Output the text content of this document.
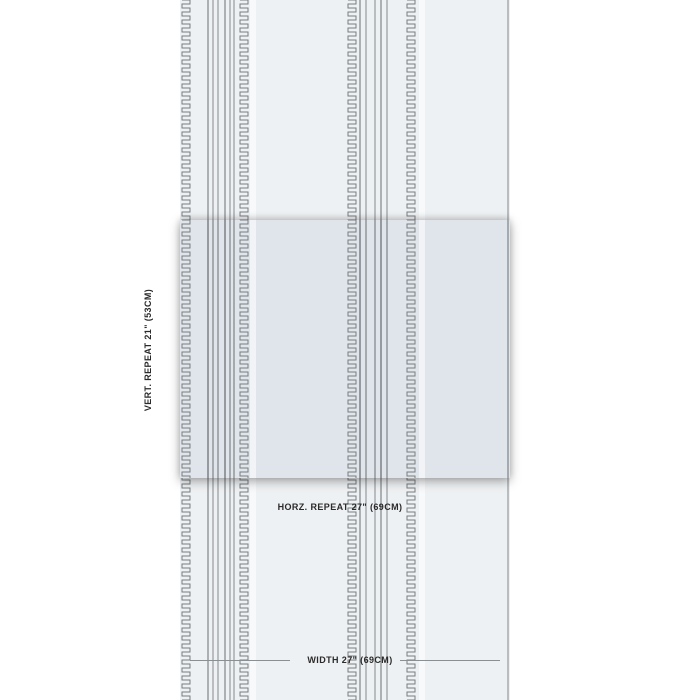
VERT. REPEAT 21" (53CM)
HORZ. REPEAT 27" (69CM)
WIDTH 27" (69CM)
